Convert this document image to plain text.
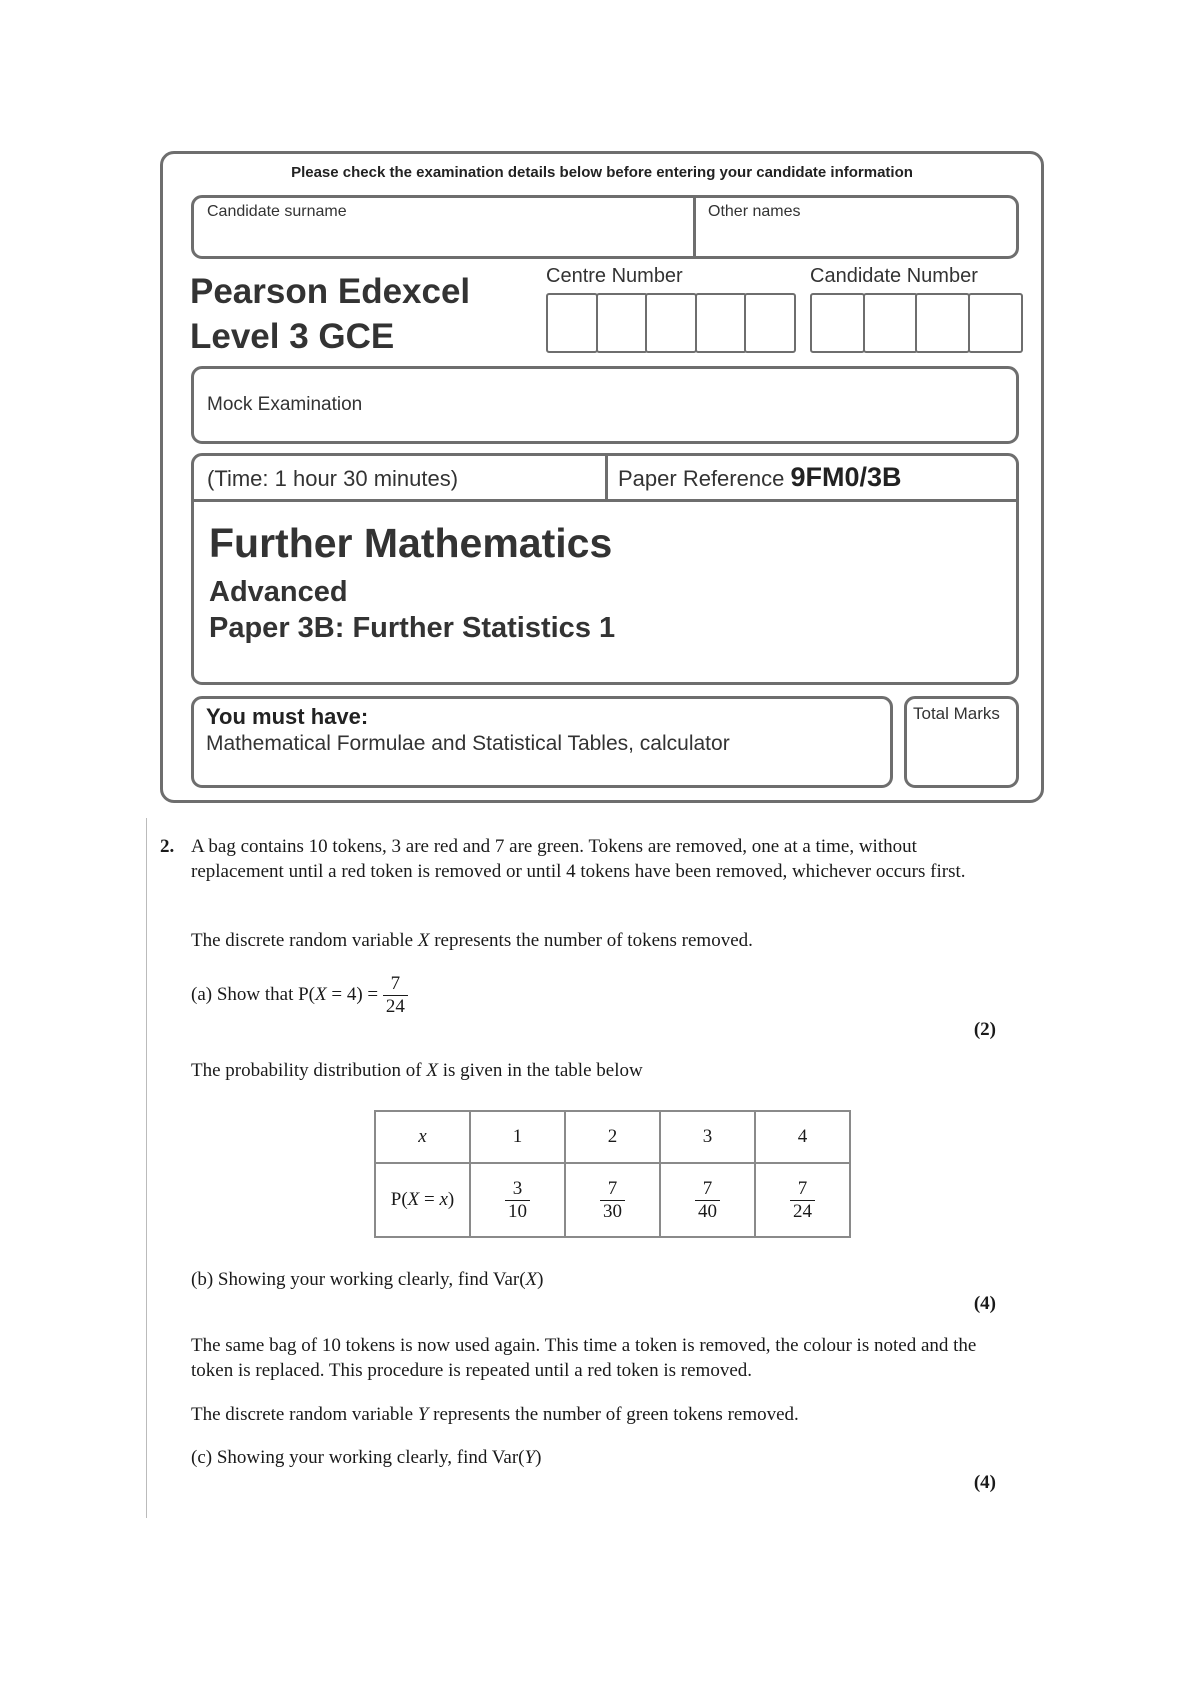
Please check the examination details below before entering your candidate information
Candidate surname	Other names
Pearson Edexcel
Level 3 GCE
Centre Number	Candidate Number
Mock Examination
(Time: 1 hour 30 minutes)	Paper Reference 9FM0/3B
Further Mathematics
Advanced
Paper 3B: Further Statistics 1
You must have:
Mathematical Formulae and Statistical Tables, calculator
Total Marks
2. A bag contains 10 tokens, 3 are red and 7 are green. Tokens are removed, one at a time, without replacement until a red token is removed or until 4 tokens have been removed, whichever occurs first.
The discrete random variable X represents the number of tokens removed.
(a) Show that $P(X = 4) = \frac{7}{24}$
(2)
The probability distribution of X is given in the table below
x	1	2	3	4
P(X = x)	$\frac{3}{10}$	$\frac{7}{30}$	$\frac{7}{40}$	$\frac{7}{24}$
(b) Showing your working clearly, find Var(X)
(4)
The same bag of 10 tokens is now used again. This time a token is removed, the colour is noted and the token is replaced. This procedure is repeated until a red token is removed.
The discrete random variable Y represents the number of green tokens removed.
(c) Showing your working clearly, find Var(Y)
(4)
